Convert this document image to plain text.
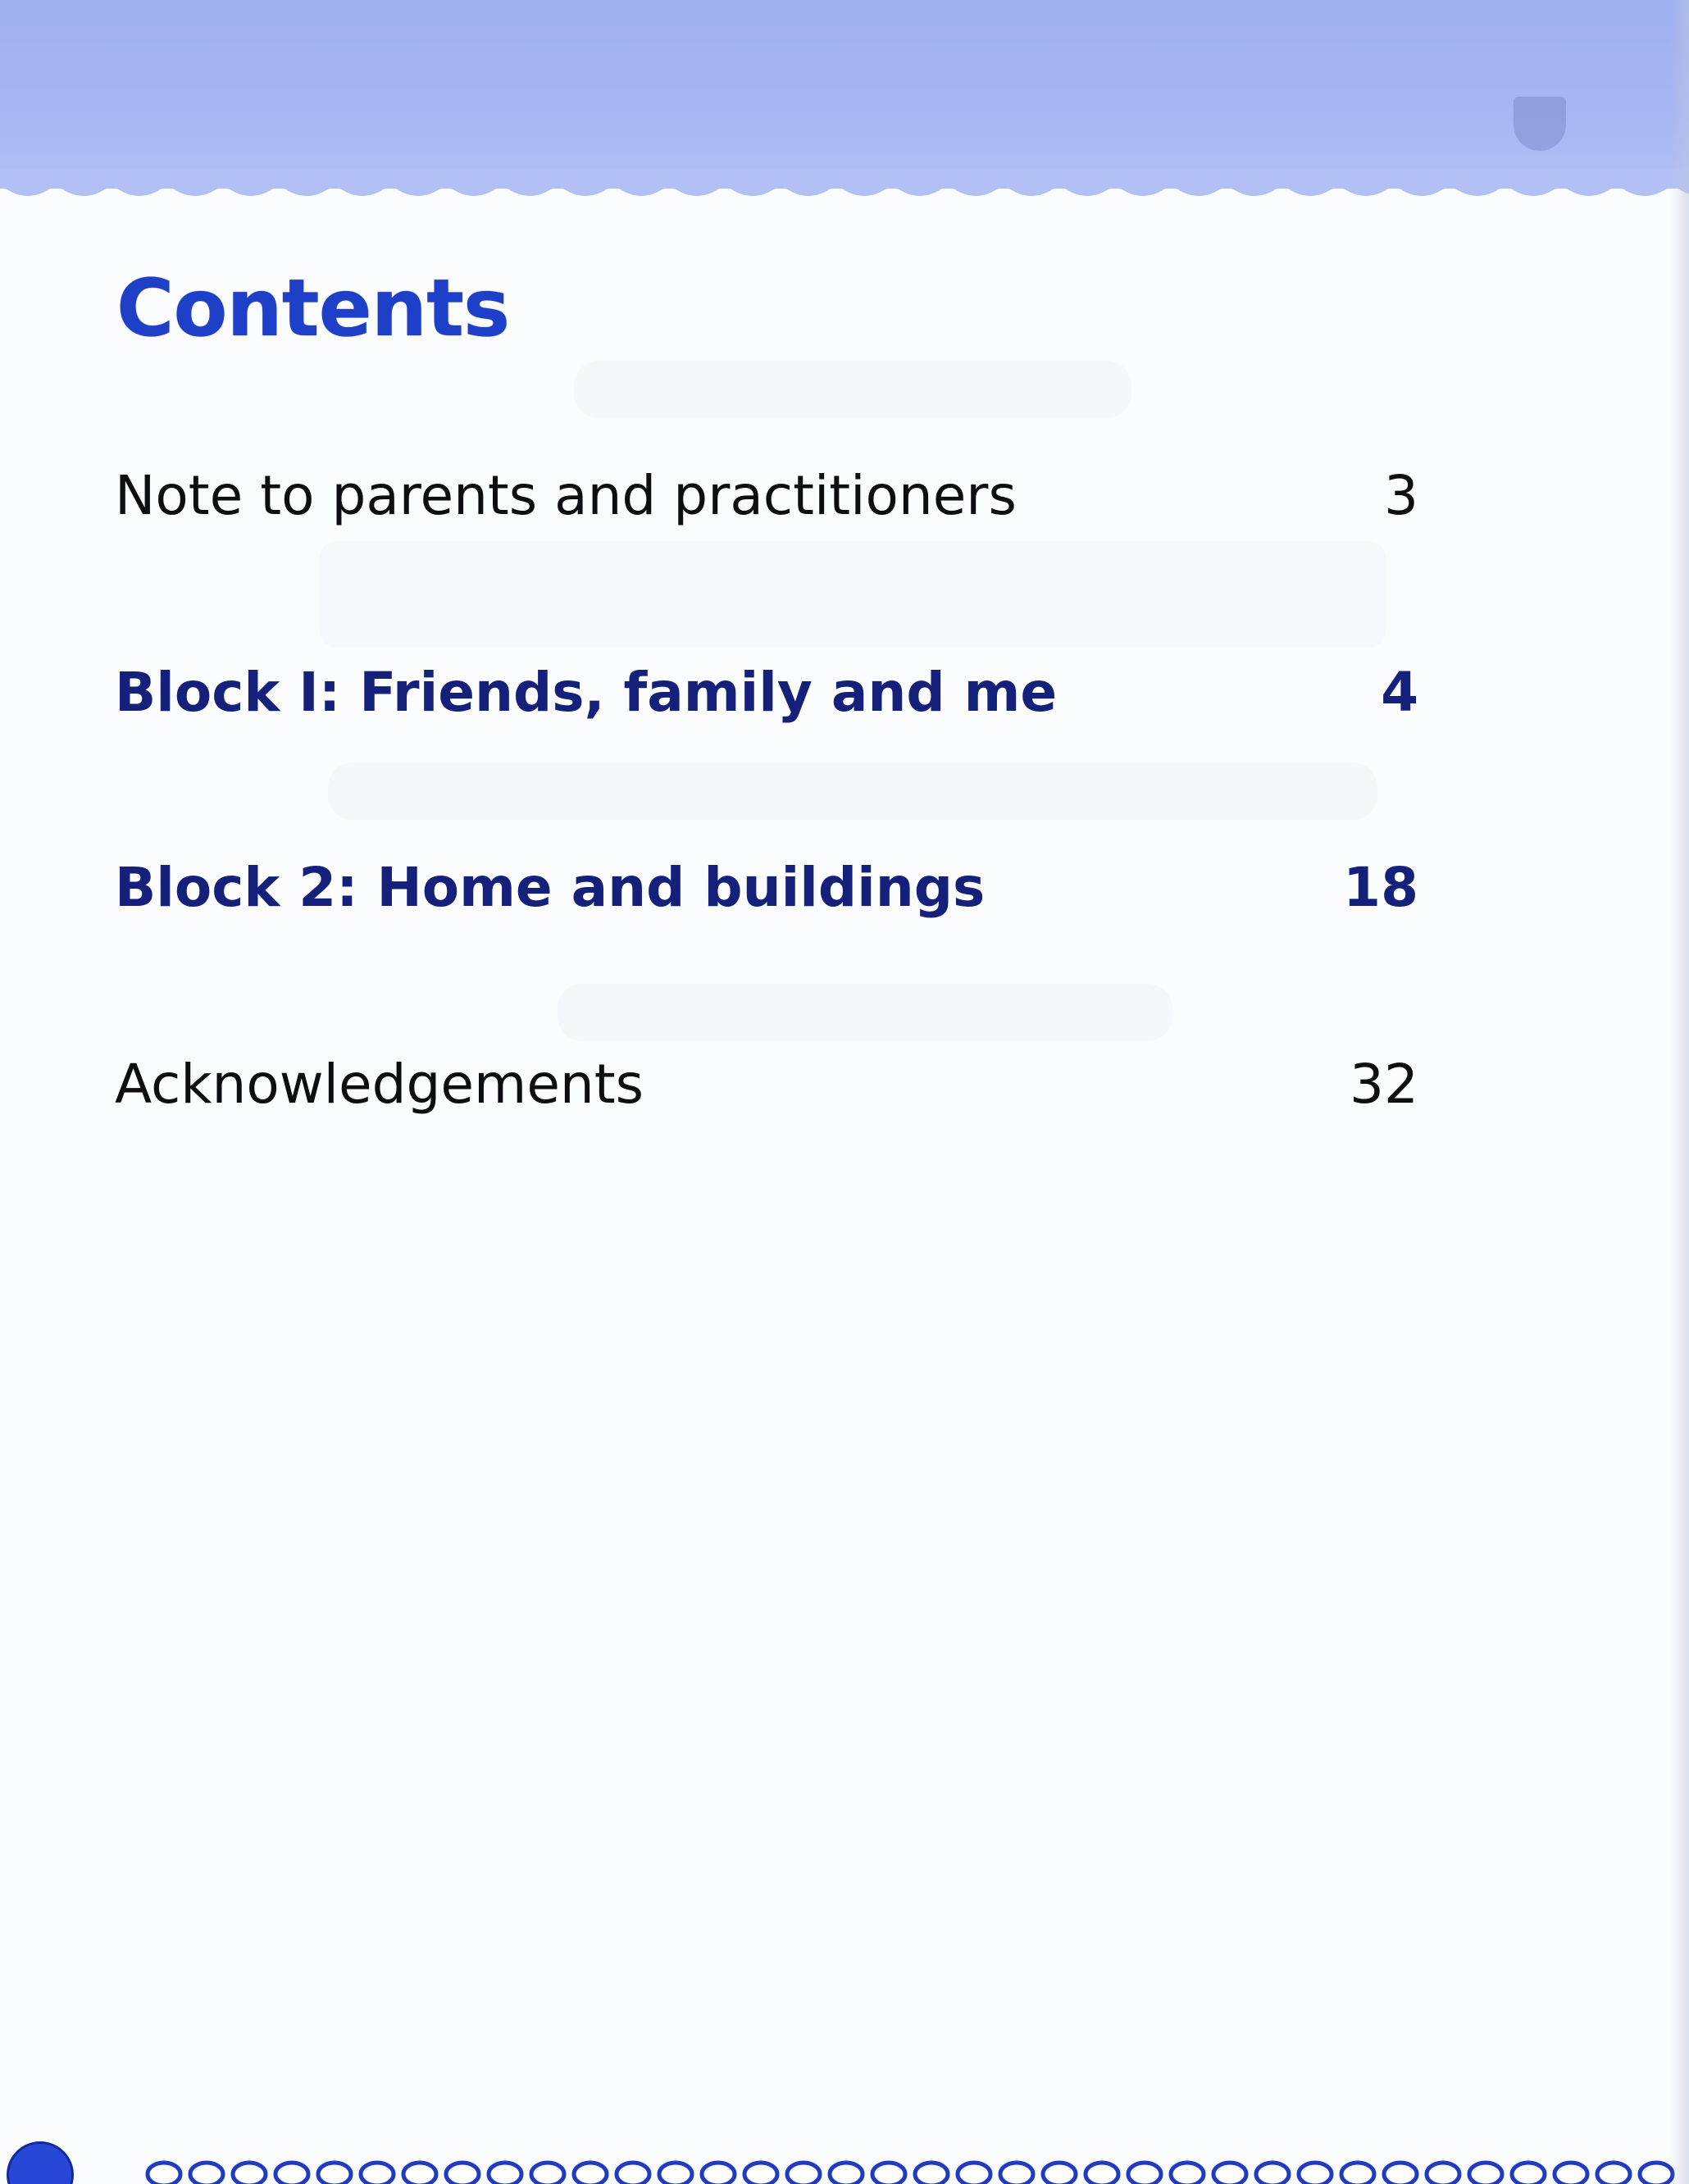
Contents
Note to parents and practitioners	3
Block I: Friends, family and me	4
Block 2: Home and buildings	18
Acknowledgements	32
